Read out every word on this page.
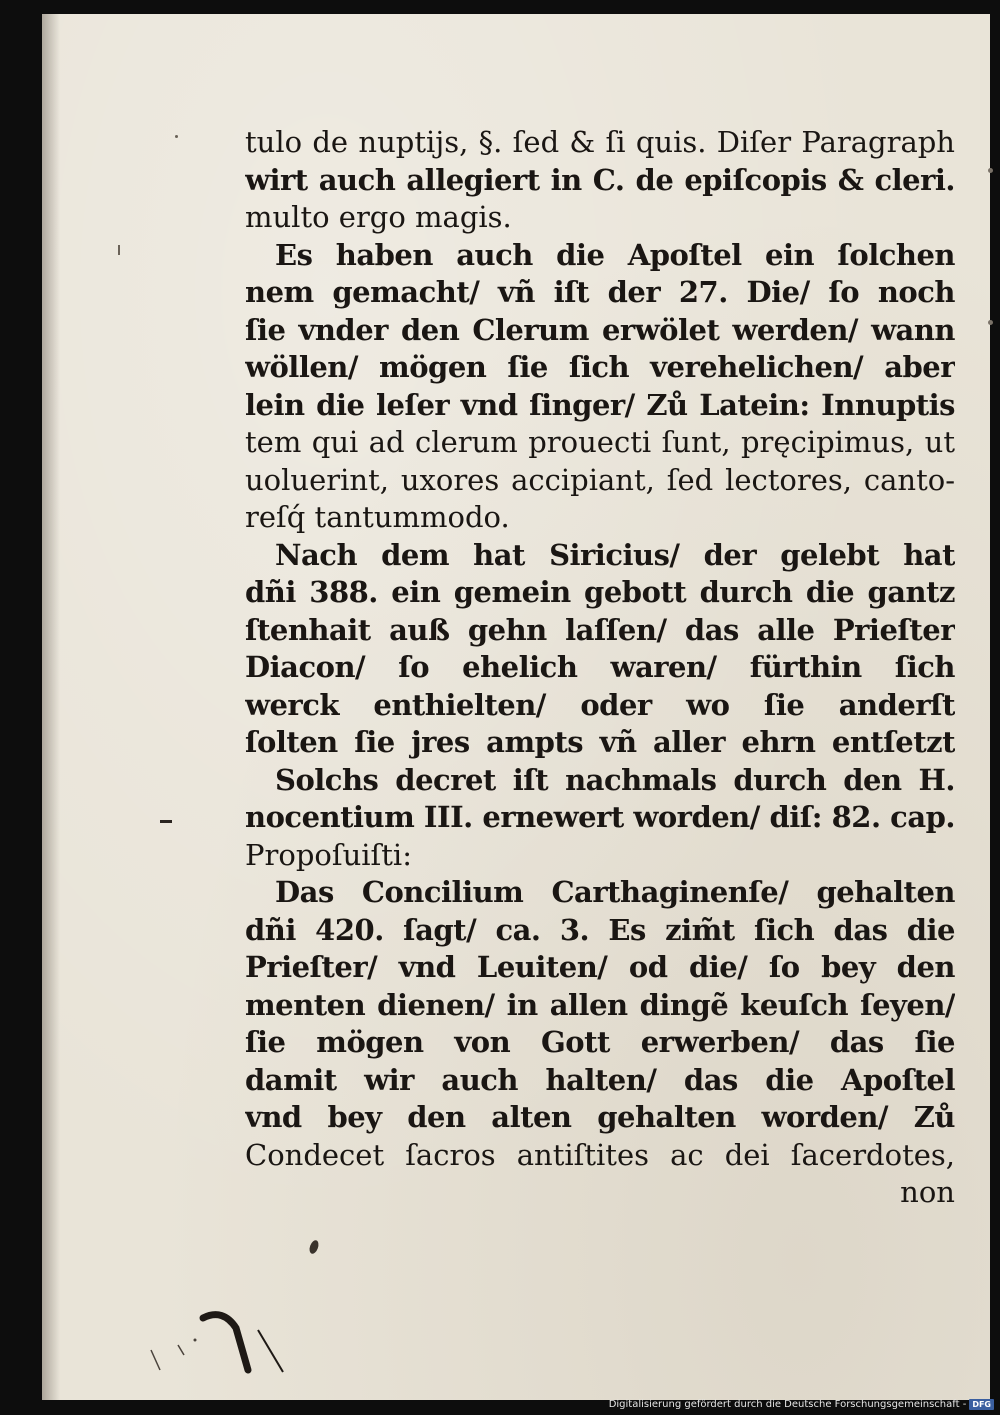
tulo de nuptijs, §. ſed & ſi quis. Diſer Paragraph
wirt auch allegiert in C. de epiſcopis & cleri.
multo ergo magis.
Es haben auch die Apoſtel ein ſolchen
nem gemacht/ vñ iſt der 27. Die/ ſo noch
ſie vnder den Clerum erwölet werden/ wann
wöllen/ mögen ſie ſich verehelichen/ aber
lein die leſer vnd ſinger/ Zů Latein: Innuptis
tem qui ad clerum prouecti ſunt, pręcipimus, ut
uoluerint, uxores accipiant, ſed lectores, canto-
reſq́ tantummodo.
Nach dem hat Siricius/ der gelebt hat
dñi 388. ein gemein gebott durch die gantz
ſtenhait auß gehn laſſen/ das alle Prieſter
Diacon/ ſo ehelich waren/ fürthin ſich
werck enthielten/ oder wo ſie anderſt
ſolten ſie jres ampts vñ aller ehrn entſetzt
Solchs decret iſt nachmals durch den H.
nocentium III. ernewert worden/ diſ: 82. cap.
Propoſuiſti:
Das Concilium Carthaginenſe/ gehalten
dñi 420. ſagt/ ca. 3. Es zim̃t ſich das die
Prieſter/ vnd Leuiten/ od die/ ſo bey den
menten dienen/ in allen dingẽ keuſch ſeyen/
ſie mögen von Gott erwerben/ das ſie
damit wir auch halten/ das die Apoſtel
vnd bey den alten gehalten worden/ Zů
Condecet ſacros antiſtites ac dei ſacerdotes,
non
Digitalisierung gefördert durch die Deutsche Forschungsgemeinschaft - DFG
